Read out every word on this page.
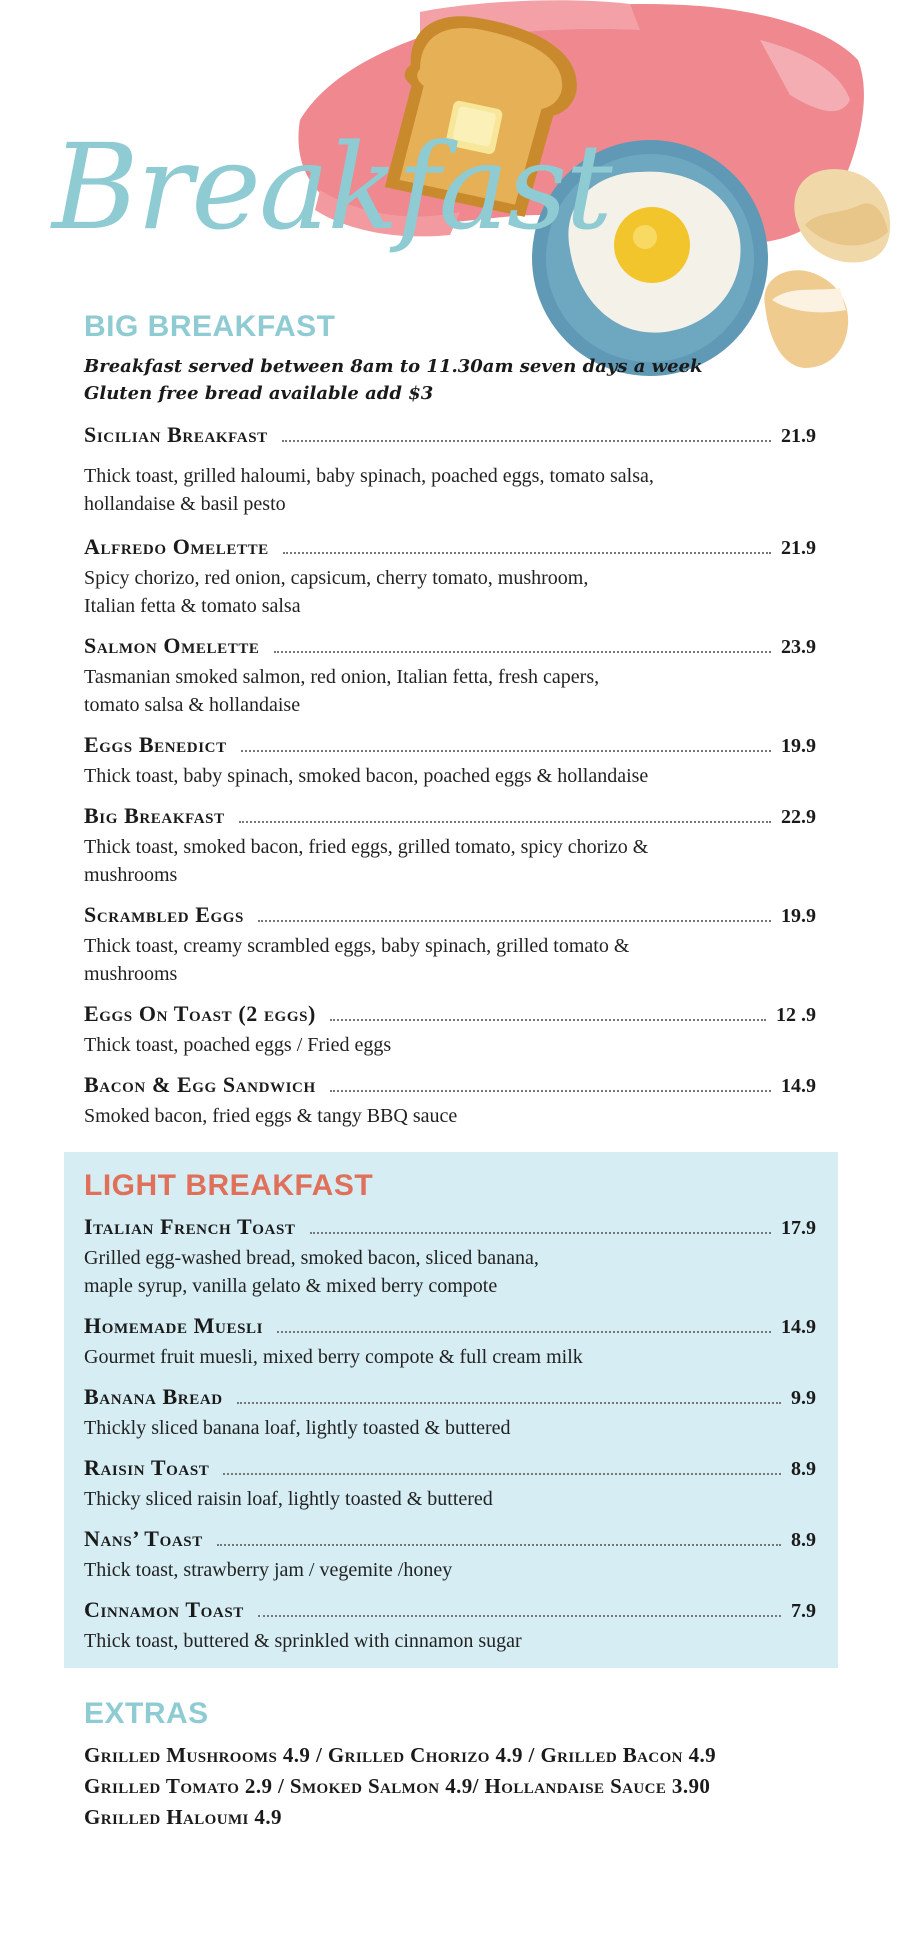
Breakfast
BIG BREAKFAST
Breakfast served between 8am to 11.30am seven days a week
Gluten free bread available add $3
Sicilian Breakfast	21.9
Thick toast, grilled haloumi, baby spinach, poached eggs, tomato salsa,
hollandaise & basil pesto
Alfredo Omelette	21.9
Spicy chorizo, red onion, capsicum, cherry tomato, mushroom,
Italian fetta & tomato salsa
Salmon Omelette	23.9
Tasmanian smoked salmon, red onion, Italian fetta, fresh capers,
tomato salsa & hollandaise
Eggs Benedict	19.9
Thick toast, baby spinach, smoked bacon, poached eggs & hollandaise
Big Breakfast	22.9
Thick toast, smoked bacon, fried eggs, grilled tomato, spicy chorizo &
mushrooms
Scrambled Eggs	19.9
Thick toast, creamy scrambled eggs, baby spinach, grilled tomato &
mushrooms
Eggs On Toast (2 eggs)	12 .9
Thick toast, poached eggs / Fried eggs
Bacon & Egg Sandwich	14.9
Smoked bacon, fried eggs & tangy BBQ sauce
LIGHT BREAKFAST
Italian French Toast	17.9
Grilled egg-washed bread, smoked bacon, sliced banana,
maple syrup, vanilla gelato & mixed berry compote
Homemade Muesli	14.9
Gourmet fruit muesli, mixed berry compote & full cream milk
Banana Bread	9.9
Thickly sliced banana loaf, lightly toasted & buttered
Raisin Toast	8.9
Thicky sliced raisin loaf, lightly toasted & buttered
Nans’ Toast	8.9
Thick toast, strawberry jam / vegemite /honey
Cinnamon Toast	7.9
Thick toast, buttered & sprinkled with cinnamon sugar
EXTRAS
Grilled Mushrooms 4.9 / Grilled Chorizo 4.9 / Grilled Bacon 4.9
Grilled Tomato 2.9 / Smoked Salmon 4.9/ Hollandaise Sauce 3.90
Grilled Haloumi 4.9
